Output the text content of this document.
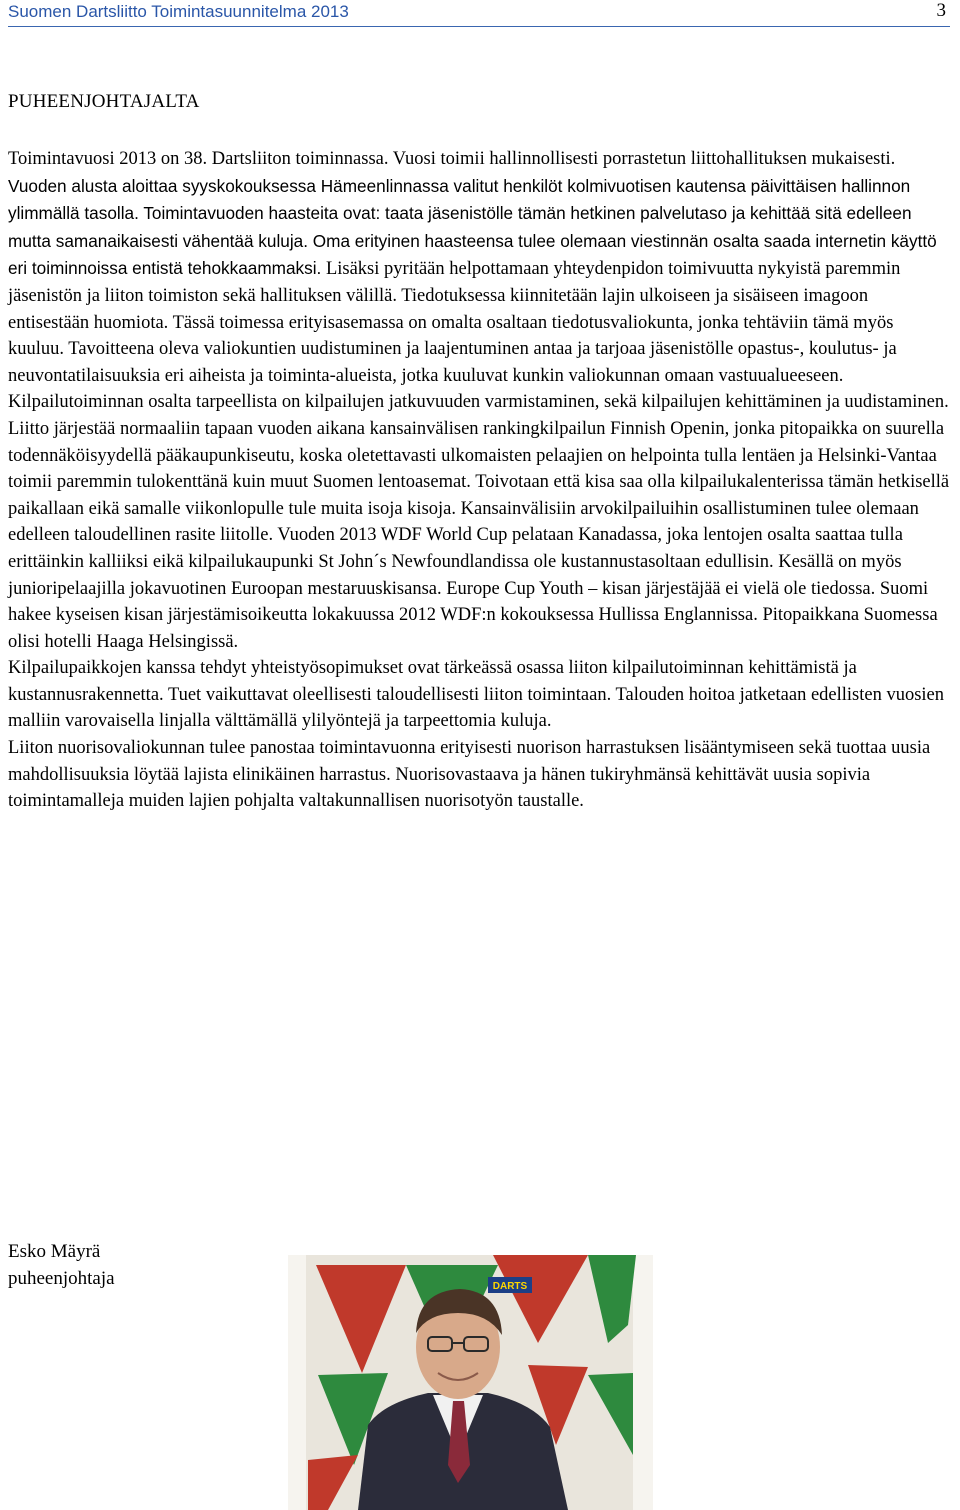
Suomen Dartsliitto Toimintasuunnitelma 2013	3
PUHEENJOHTAJALTA

Toimintavuosi 2013 on 38. Dartsliiton toiminnassa. Vuosi toimii hallinnollisesti porrastetun liittohallituksen mukaisesti. Vuoden alusta aloittaa syyskokouksessa Hämeenlinnassa valitut henkilöt kolmivuotisen kautensa päivittäisen hallinnon ylimmällä tasolla. Toimintavuoden haasteita ovat: taata jäsenistölle tämän hetkinen palvelutaso ja kehittää sitä edelleen mutta samanaikaisesti vähentää kuluja. Oma erityinen haasteensa tulee olemaan viestinnän osalta saada internetin käyttö eri toiminnoissa entistä tehokkaammaksi. Lisäksi pyritään helpottamaan yhteydenpidon toimivuutta nykyistä paremmin jäsenistön ja liiton toimiston sekä hallituksen välillä. Tiedotuksessa kiinnitetään lajin ulkoiseen ja sisäiseen imagoon entisestään huomiota. Tässä toimessa erityisasemassa on omalta osaltaan tiedotusvaliokunta, jonka tehtäviin tämä myös kuuluu. Tavoitteena oleva valiokuntien uudistuminen ja laajentuminen antaa ja tarjoaa jäsenistölle opastus-, koulutus- ja neuvontatilaisuuksia eri aiheista ja toiminta-alueista, jotka kuuluvat kunkin valiokunnan omaan vastuualueeseen.

Kilpailutoiminnan osalta tarpeellista on kilpailujen jatkuvuuden varmistaminen, sekä kilpailujen kehittäminen ja uudistaminen. Liitto järjestää normaaliin tapaan vuoden aikana kansainvälisen rankingkilpailun Finnish Openin, jonka pitopaikka on suurella todennäköisyydellä pääkaupunkiseutu, koska oletettavasti ulkomaisten pelaajien on helpointa tulla lentäen ja Helsinki-Vantaa toimii paremmin tulokenttänä kuin muut Suomen lentoasemat. Toivotaan että kisa saa olla kilpailukalenterissa tämän hetkisellä paikallaan eikä samalle viikonlopulle tule muita isoja kisoja. Kansainvälisiin arvokilpailuihin osallistuminen tulee olemaan edelleen taloudellinen rasite liitolle. Vuoden 2013 WDF World Cup pelataan Kanadassa, joka lentojen osalta saattaa tulla erittäinkin kalliiksi eikä kilpailukaupunki St John´s Newfoundlandissa ole kustannustasoltaan edullisin. Kesällä on myös junioripelaajilla jokavuotinen Euroopan mestaruuskisansa. Europe Cup Youth – kisan järjestäjää ei vielä ole tiedossa. Suomi hakee kyseisen kisan järjestämisoikeutta lokakuussa 2012 WDF:n kokouksessa Hullissa Englannissa. Pitopaikkana Suomessa olisi hotelli Haaga Helsingissä.

Kilpailupaikkojen kanssa tehdyt yhteistyösopimukset ovat tärkeässä osassa liiton kilpailutoiminnan kehittämistä ja kustannusrakennetta. Tuet vaikuttavat oleellisesti taloudellisesti liiton toimintaan. Talouden hoitoa jatketaan edellisten vuosien malliin varovaisella linjalla välttämällä ylilyöntejä ja tarpeettomia kuluja.

Liiton nuorisovaliokunnan tulee panostaa toimintavuonna erityisesti nuorison harrastuksen lisääntymiseen sekä tuottaa uusia mahdollisuuksia löytää lajista elinikäinen harrastus. Nuorisovastaava ja hänen tukiryhmänsä kehittävät uusia sopivia toimintamalleja muiden lajien pohjalta valtakunnallisen nuorisotyön taustalle.

Esko Mäyrä
puheenjohtaja	DARTS
